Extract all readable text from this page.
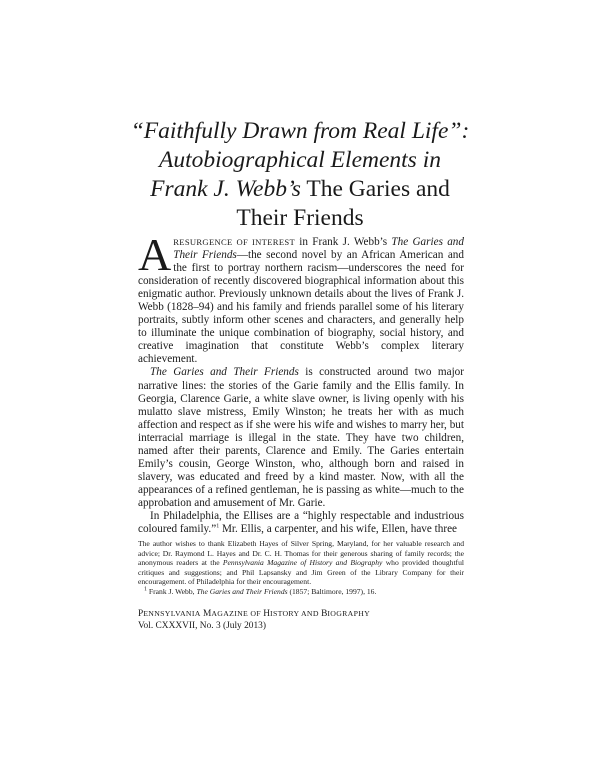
“Faithfully Drawn from Real Life”:
Autobiographical Elements in
Frank J. Webb’s The Garies and
Their Friends

ARESURGENCE OF INTEREST in Frank J. Webb’s The Garies and Their Friends—the second novel by an African American and the first to portray northern racism—underscores the need for consideration of recently discovered biographical information about this enigmatic author. Previously unknown details about the lives of Frank J. Webb (1828–94) and his family and friends parallel some of his literary portraits, subtly inform other scenes and characters, and generally help to illuminate the unique combination of biography, social history, and creative imagination that constitute Webb’s complex literary achievement.

The Garies and Their Friends is constructed around two major narrative lines: the stories of the Garie family and the Ellis family. In Georgia, Clarence Garie, a white slave owner, is living openly with his mulatto slave mistress, Emily Winston; he treats her with as much affection and respect as if she were his wife and wishes to marry her, but interracial marriage is illegal in the state. They have two children, named after their parents, Clarence and Emily. The Garies entertain Emily’s cousin, George Winston, who, although born and raised in slavery, was educated and freed by a kind master. Now, with all the appearances of a refined gentleman, he is passing as white—much to the approbation and amusement of Mr. Garie.

In Philadelphia, the Ellises are a “highly respectable and industrious coloured family.”$^1$ Mr. Ellis, a carpenter, and his wife, Ellen, have three

The author wishes to thank Elizabeth Hayes of Silver Spring, Maryland, for her valuable research and advice; Dr. Raymond L. Hayes and Dr. C. H. Thomas for their generous sharing of family records; the anonymous readers at the Pennsylvania Magazine of History and Biography who provided thoughtful critiques and suggestions; and Phil Lapsansky and Jim Green of the Library Company for their encouragement. of Philadelphia for their encouragement.

$^1$ Frank J. Webb, The Garies and Their Friends (1857; Baltimore, 1997), 16.

PENNSYLVANIA MAGAZINE OF HISTORY AND BIOGRAPHY
Vol. CXXXVII, No. 3 (July 2013)
